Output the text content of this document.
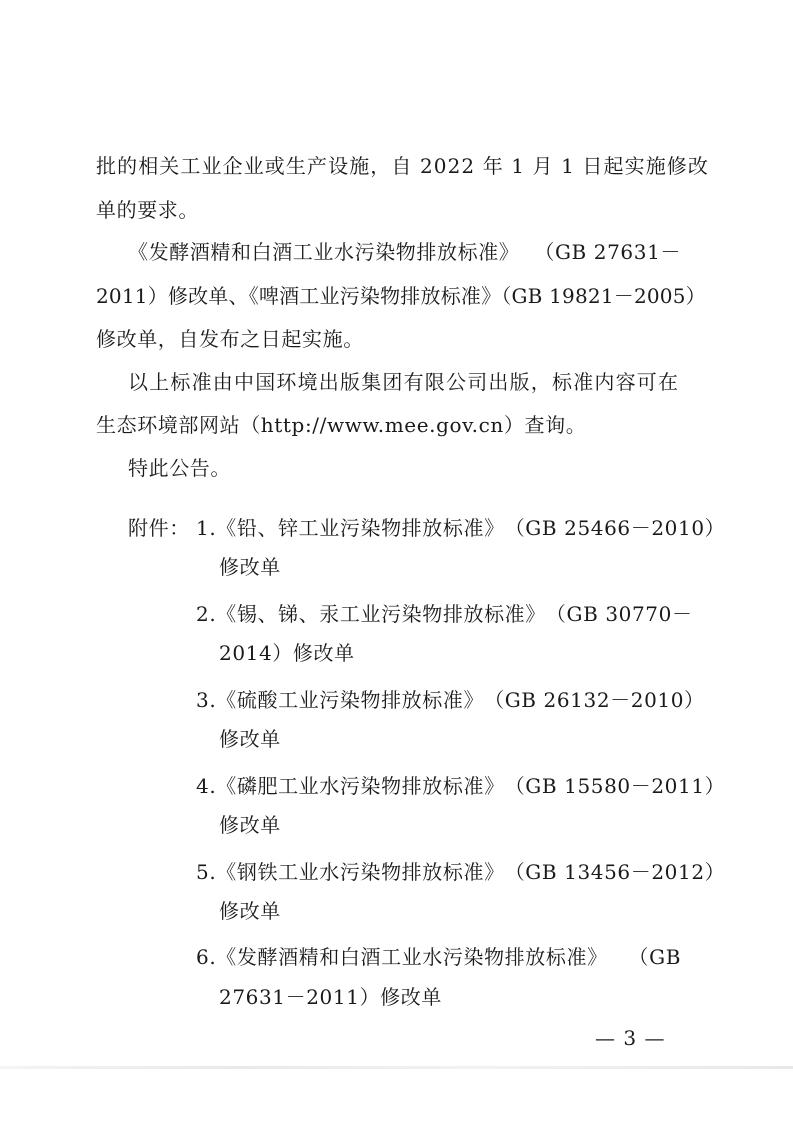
批的相关工业企业或生产设施，自 2022 年 1 月 1 日起实施修改
单的要求。
《发酵酒精和白酒工业水污染物排放标准》 （GB 27631－
2011）修改单、《啤酒工业污染物排放标准》（GB 19821－2005）
修改单，自发布之日起实施。
以上标准由中国环境出版集团有限公司出版，标准内容可在
生态环境部网站（http://www.mee.gov.cn）查询。
特此公告。
附件： 1.《铅、锌工业污染物排放标准》 （GB 25466－2010）
修改单
2.《锡、锑、汞工业污染物排放标准》 （GB 30770－
2014）修改单
3.《硫酸工业污染物排放标准》 （GB 26132－2010）
修改单
4.《磷肥工业水污染物排放标准》 （GB 15580－2011）
修改单
5.《钢铁工业水污染物排放标准》 （GB 13456－2012）
修改单
6.《发酵酒精和白酒工业水污染物排放标准》 （GB
27631－2011）修改单
— 3 —
